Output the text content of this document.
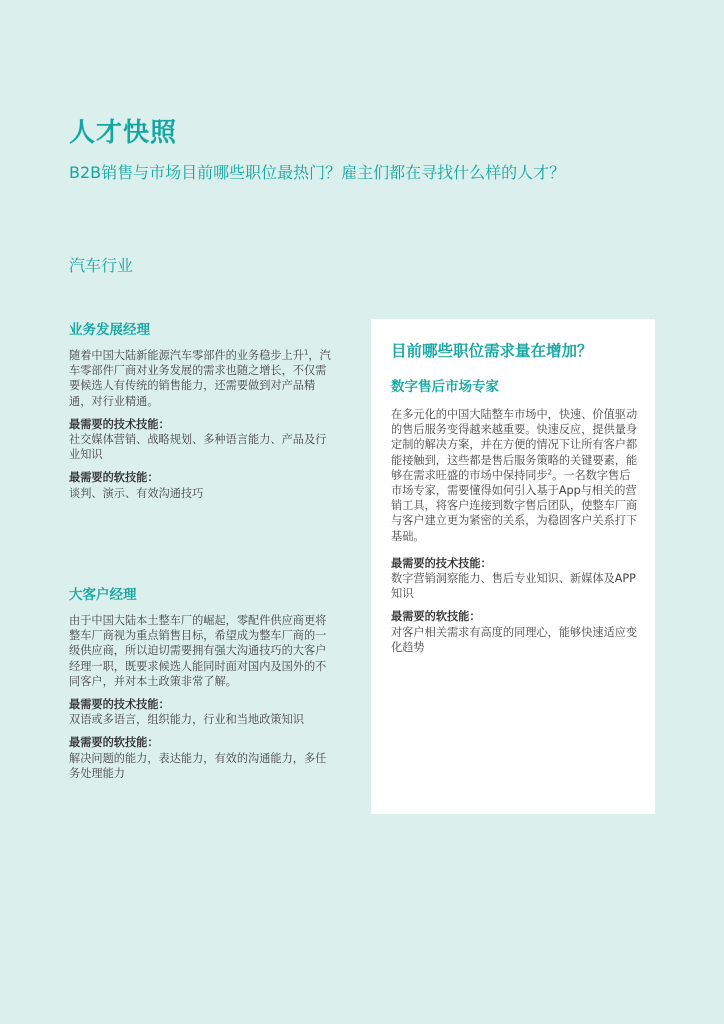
人才快照

B2B销售与市场目前哪些职位最热门？雇主们都在寻找什么样的人才？

汽车行业

业务发展经理

随着中国大陆新能源汽车零部件的业务稳步上升$^1$，汽车零部件厂商对业务发展的需求也随之增长，不仅需要候选人有传统的销售能力，还需要做到对产品精通，对行业精通。

最需要的技术技能：

社交媒体营销、战略规划、多种语言能力、产品及行业知识

最需要的软技能：

谈判、演示、有效沟通技巧

大客户经理

由于中国大陆本土整车厂的崛起，零配件供应商更将整车厂商视为重点销售目标，希望成为整车厂商的一级供应商，所以迫切需要拥有强大沟通技巧的大客户经理一职，既要求候选人能同时面对国内及国外的不同客户，并对本土政策非常了解。

最需要的技术技能：

双语或多语言，组织能力，行业和当地政策知识

最需要的软技能：

解决问题的能力，表达能力，有效的沟通能力，多任务处理能力

目前哪些职位需求量在增加？
数字售后市场专家

在多元化的中国大陆整车市场中，快速、价值驱动的售后服务变得越来越重要。快速反应，提供量身定制的解决方案，并在方便的情况下让所有客户都能接触到，这些都是售后服务策略的关键要素，能够在需求旺盛的市场中保持同步$^2$。一名数字售后市场专家，需要懂得如何引入基于App与相关的营销工具，将客户连接到数字售后团队，使整车厂商与客户建立更为紧密的关系，为稳固客户关系打下基础。

最需要的技术技能：

数字营销洞察能力、售后专业知识、新媒体及APP知识

最需要的软技能：

对客户相关需求有高度的同理心，能够快速适应变化趋势
